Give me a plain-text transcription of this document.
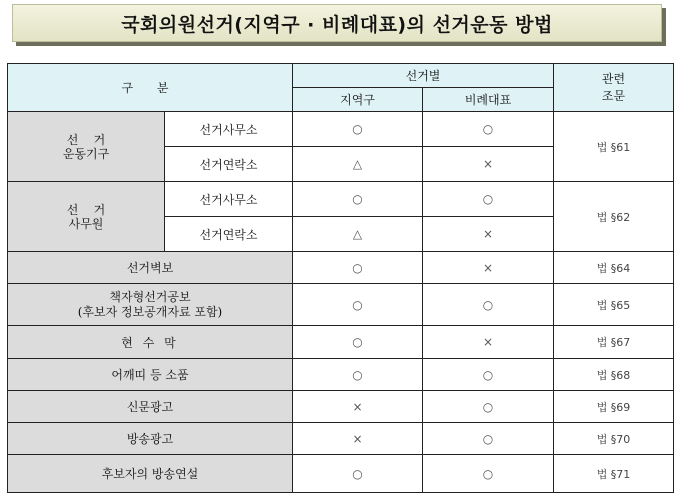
국회의원선거(지역구 · 비례대표)의 선거운동 방법
구 분		선거별		관련
조문
		지역구	비례대표	

선    거
운동기구	선거사무소	○	○	법 §61
	선거연락소	△	×	

선    거
사무원	선거사무소	○	○	법 §62
	선거연락소	△	×	
선거벽보		○	×	법 §64

책자형선거공보
(후보자 정보공개자료 포함)		○	○	법 §65
현 수 막		○	×	법 §67
어깨띠 등 소품		○	○	법 §68
신문광고		×	○	법 §69
방송광고		×	○	법 §70
후보자의 방송연설		○	○	법 §71
